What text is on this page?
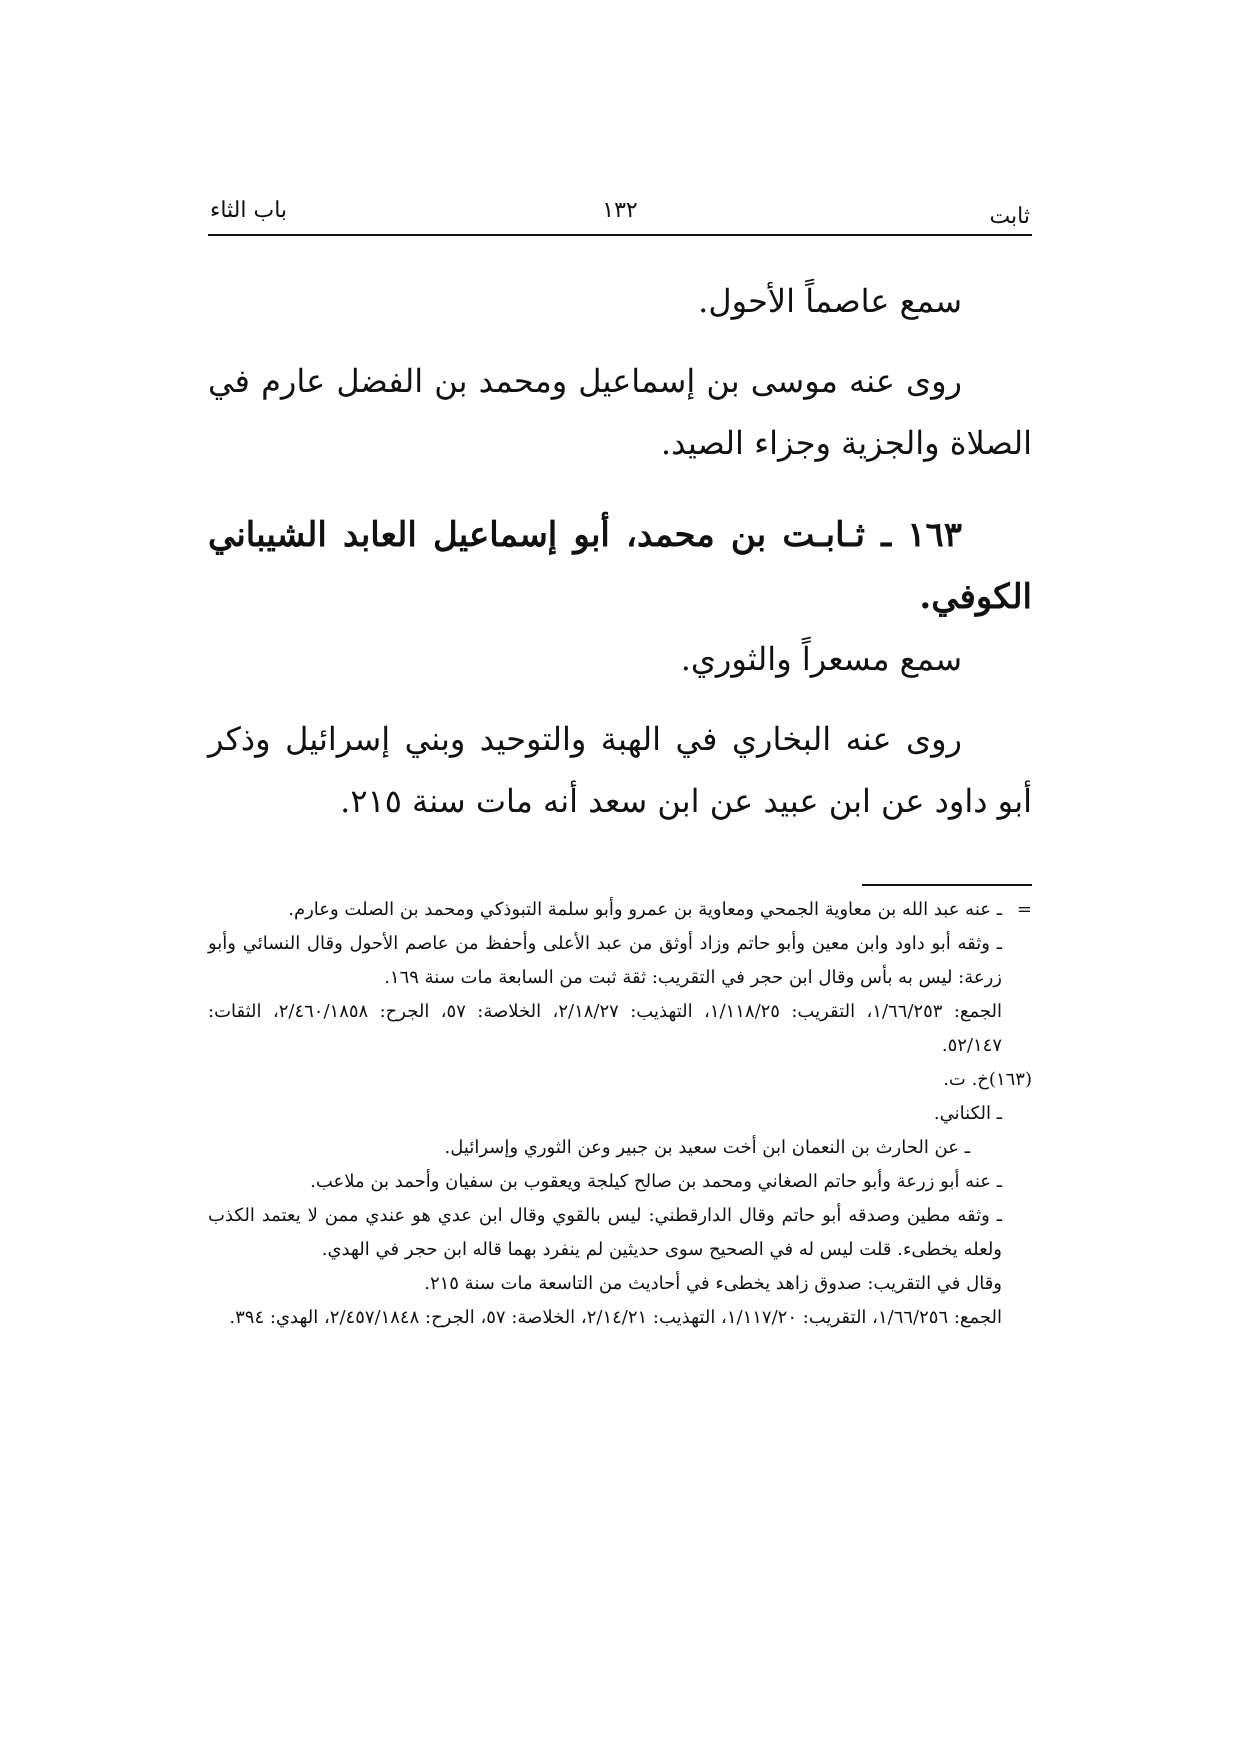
ثابت
١٣٢
باب الثاء

سمع عاصماً الأحول.

روى عنه موسى بن إسماعيل ومحمد بن الفضل عارم في الصلاة والجزية وجزاء الصيد.

١٦٣ ـ ثـابـت بن محمد، أبو إسماعيل العابد الشيباني الكوفي.

سمع مسعراً والثوري.

روى عنه البخاري في الهبة والتوحيد وبني إسرائيل وذكر أبو داود عن ابن عبيد عن ابن سعد أنه مات سنة ٢١٥.

=
ـ عنه عبد الله بن معاوية الجمحي ومعاوية بن عمرو وأبو سلمة التبوذكي ومحمد بن الصلت وعارم.

ـ وثقه أبو داود وابن معين وأبو حاتم وزاد أوثق من عبد الأعلى وأحفظ من عاصم الأحول وقال النسائي وأبو زرعة: ليس به بأس وقال ابن حجر في التقريب: ثقة ثبت من السابعة مات سنة ١٦٩.

الجمع: ١/٦٦/٢٥٣، التقريب: ١/١١٨/٢٥، التهذيب: ٢/١٨/٢٧، الخلاصة: ٥٧، الجرح: ٢/٤٦٠/١٨٥٨، الثقات: ٥٢/١٤٧.

(١٦٣)خ. ت.

ـ الكناني.

ـ عن الحارث بن النعمان ابن أخت سعيد بن جبير وعن الثوري وإسرائيل.

ـ عنه أبو زرعة وأبو حاتم الصغاني ومحمد بن صالح كيلجة ويعقوب بن سفيان وأحمد بن ملاعب.

ـ وثقه مطين وصدقه أبو حاتم وقال الدارقطني: ليس بالقوي وقال ابن عدي هو عندي ممن لا يعتمد الكذب ولعله يخطىء. قلت ليس له في الصحيح سوى حديثين لم ينفرد بهما قاله ابن حجر في الهدي.

وقال في التقريب: صدوق زاهد يخطىء في أحاديث من التاسعة مات سنة ٢١٥.

الجمع: ١/٦٦/٢٥٦، التقريب: ١/١١٧/٢٠، التهذيب: ٢/١٤/٢١، الخلاصة: ٥٧، الجرح: ٢/٤٥٧/١٨٤٨، الهدي: ٣٩٤.
